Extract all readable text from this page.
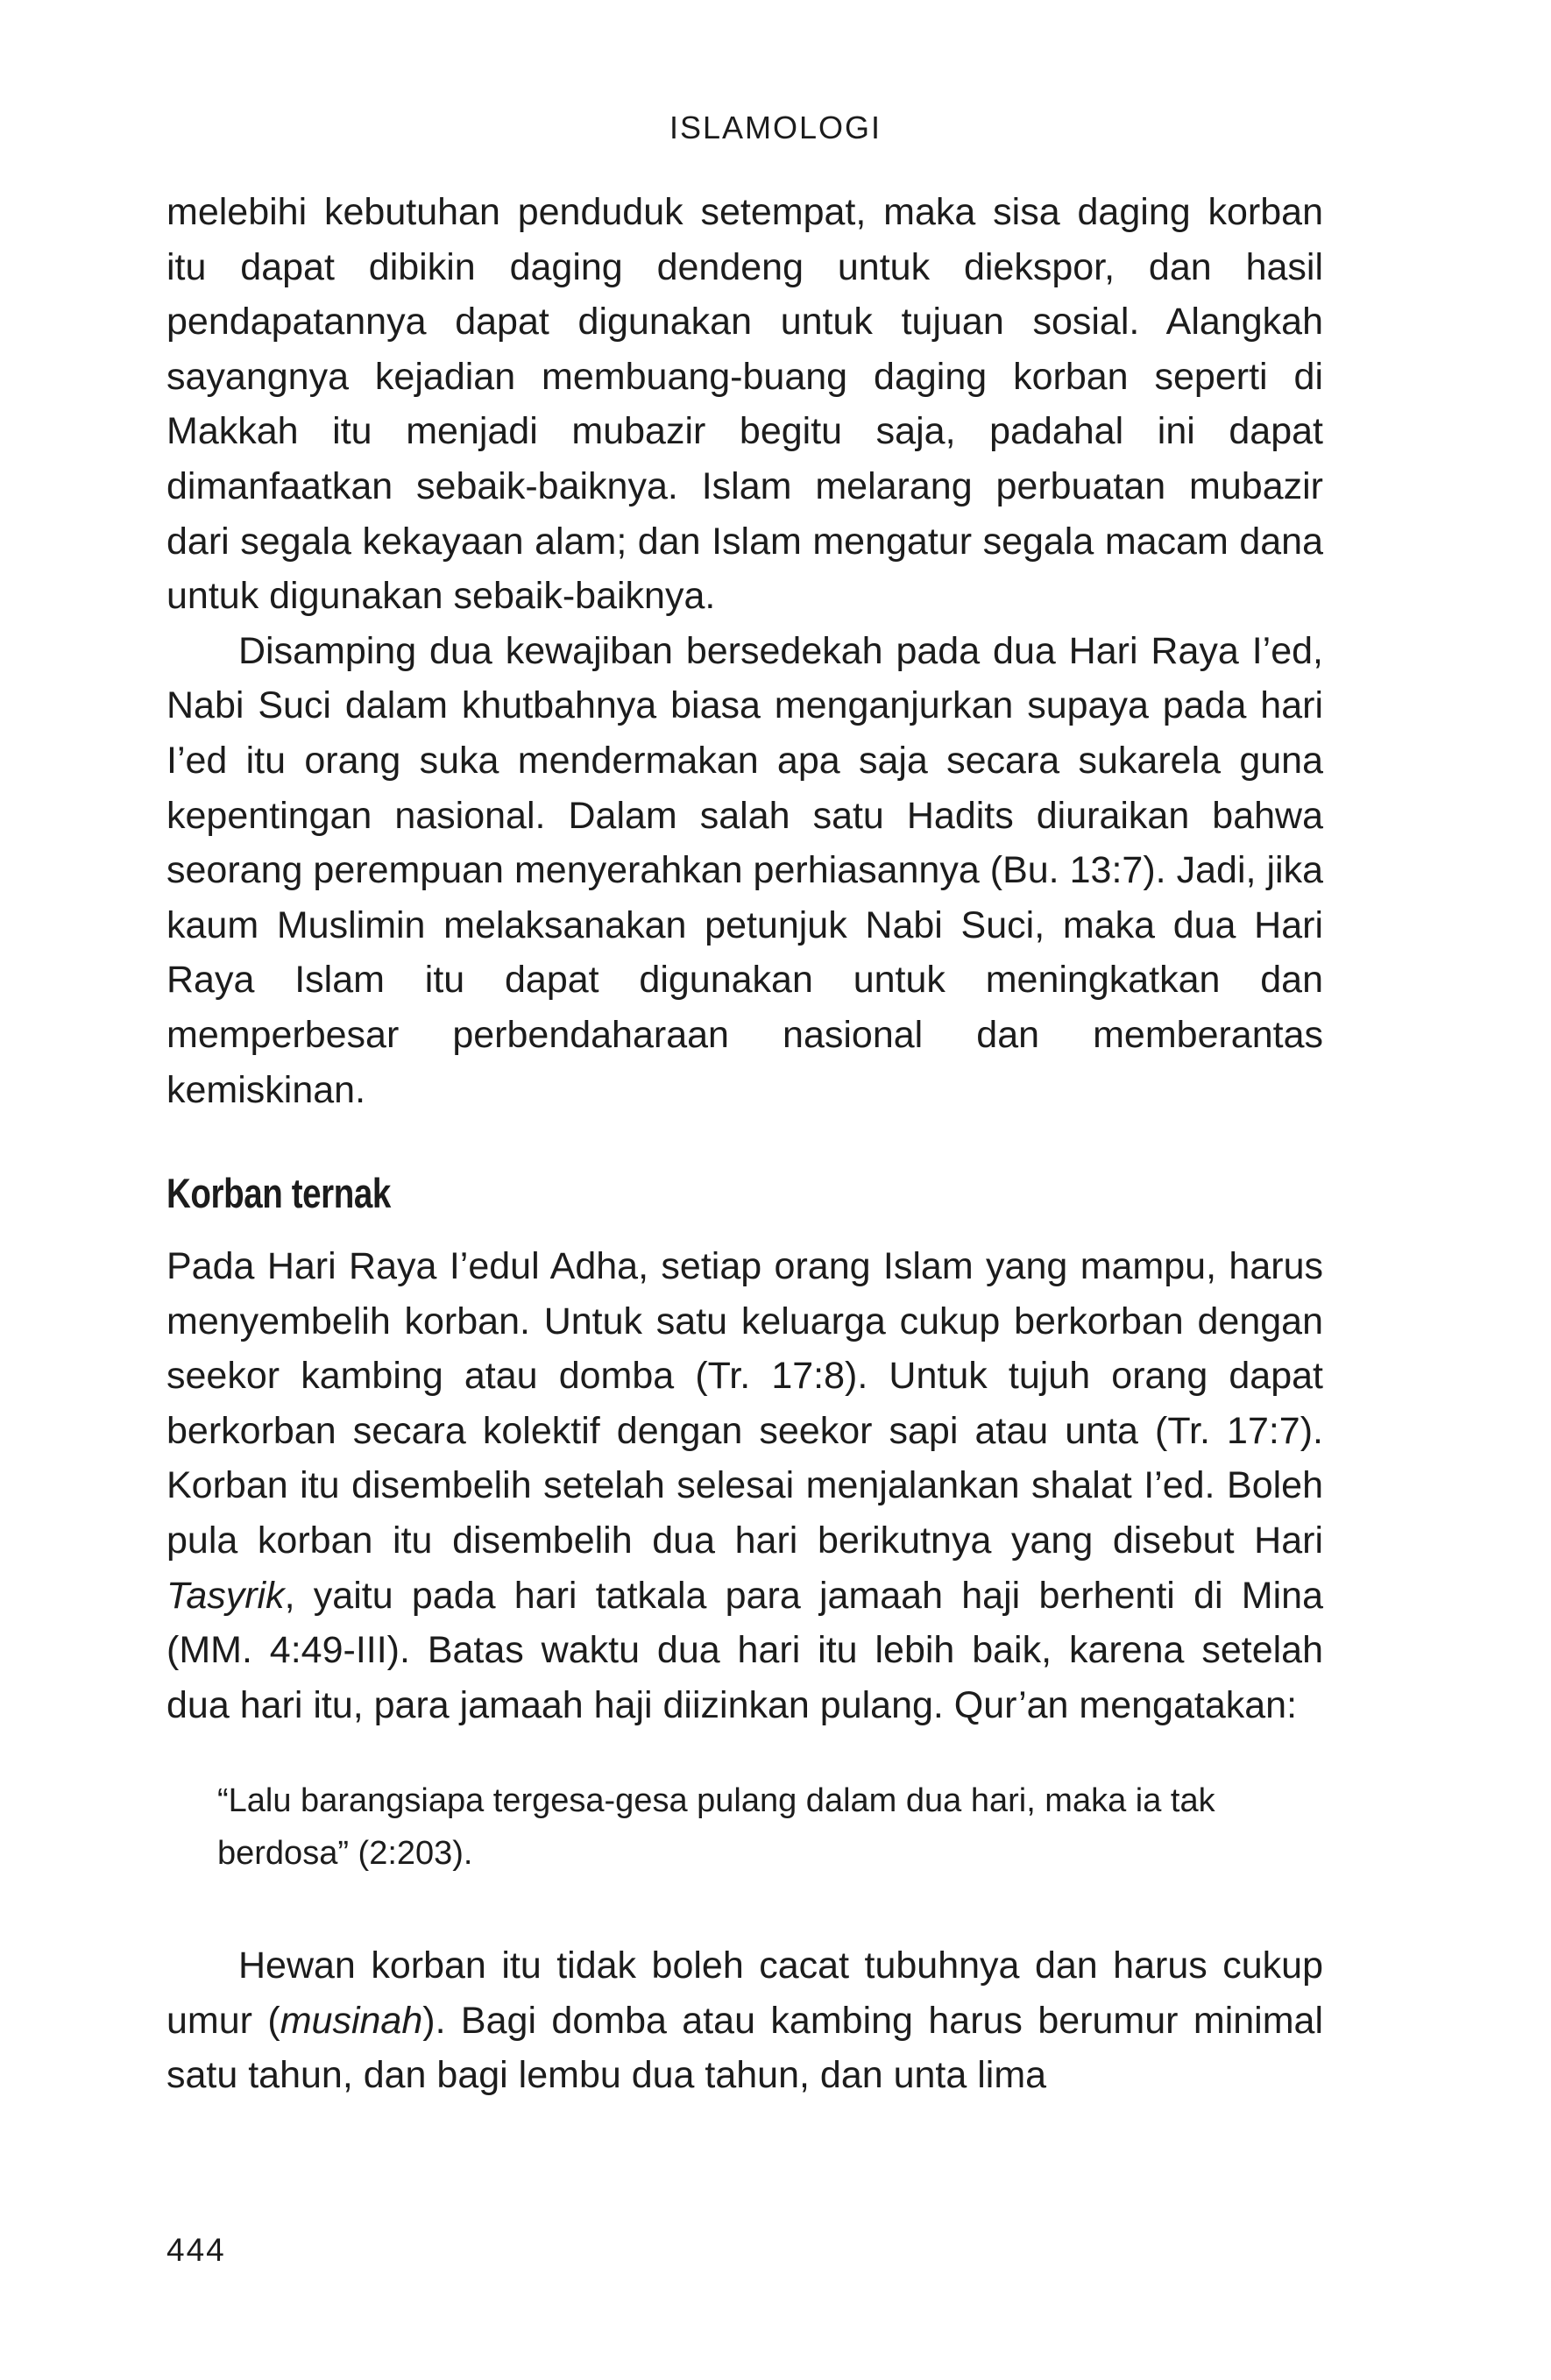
ISLAMOLOGI

melebihi kebutuhan penduduk setempat, maka sisa daging korban itu dapat dibikin daging dendeng untuk diekspor, dan hasil pendapatannya dapat digunakan untuk tujuan sosial. Alangkah sayangnya kejadian membuang-buang daging korban seperti di Makkah itu menjadi mubazir begitu saja, padahal ini dapat dimanfaatkan sebaik-baiknya. Islam melarang perbuatan mubazir dari segala kekayaan alam; dan Islam mengatur segala macam dana untuk digunakan sebaik-baiknya.

Disamping dua kewajiban bersedekah pada dua Hari Raya I’ed, Nabi Suci dalam khutbahnya biasa menganjurkan supaya pada hari I’ed itu orang suka mendermakan apa saja secara sukarela guna kepentingan nasional. Dalam salah satu Hadits diuraikan bahwa seorang perempuan menyerahkan perhiasannya (Bu. 13:7). Jadi, jika kaum Muslimin melaksanakan petunjuk Nabi Suci, maka dua Hari Raya Islam itu dapat digunakan untuk meningkatkan dan memperbesar perbendaharaan nasional dan memberantas kemiskinan.

Korban ternak

Pada Hari Raya I’edul Adha, setiap orang Islam yang mampu, harus menyembelih korban. Untuk satu keluarga cukup berkorban dengan seekor kambing atau domba (Tr. 17:8). Untuk tujuh orang dapat berkorban secara kolektif dengan seekor sapi atau unta (Tr. 17:7). Korban itu disembelih setelah selesai menjalankan shalat I’ed. Boleh pula korban itu disembelih dua hari berikutnya yang disebut Hari Tasyrik, yaitu pada hari tatkala para jamaah haji berhenti di Mina (MM. 4:49-III). Batas waktu dua hari itu lebih baik, karena setelah dua hari itu, para jamaah haji diizinkan pulang. Qur’an mengatakan:

“Lalu barangsiapa tergesa-gesa pulang dalam dua hari, maka ia tak berdosa” (2:203).

Hewan korban itu tidak boleh cacat tubuhnya dan harus cukup umur (musinah). Bagi domba atau kambing harus berumur minimal satu tahun, dan bagi lembu dua tahun, dan unta lima

444
